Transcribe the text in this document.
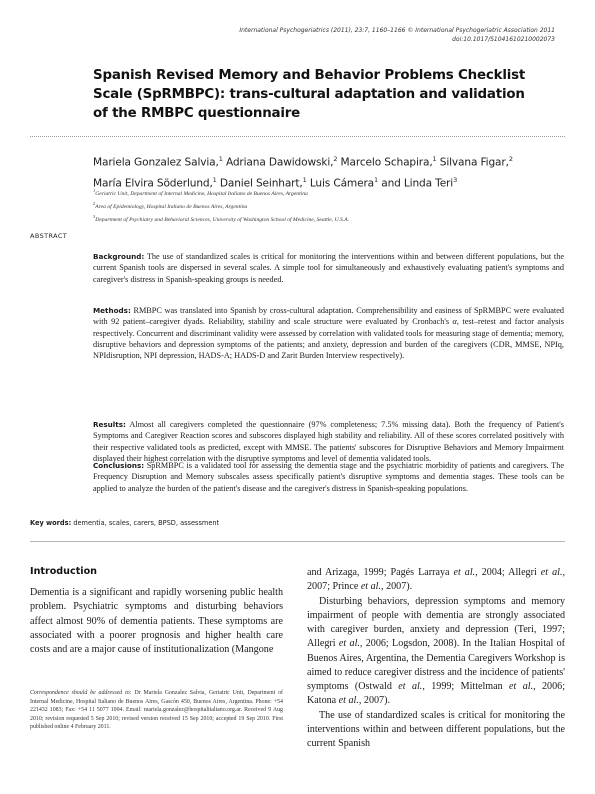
International Psychogeriatrics (2011), 23:7, 1160–1166 © International Psychogeriatric Association 2011
doi:10.1017/S1041610210002073
Spanish Revised Memory and Behavior Problems Checklist Scale (SpRMBPC): trans-cultural adaptation and validation of the RMBPC questionnaire
Mariela Gonzalez Salvia,$^1$ Adriana Dawidowski,$^2$ Marcelo Schapira,$^1$ Silvana Figar,$^2$
María Elvira Söderlund,$^1$ Daniel Seinhart,$^1$ Luis Cámera$^1$ and Linda Teri$^3$
$^1$Geriatric Unit, Department of Internal Medicine, Hospital Italiano de Buenos Aires, Argentina
$^2$Area of Epidemiology, Hospital Italiano de Buenos Aires, Argentina
$^3$Department of Psychiatry and Behavioral Sciences, University of Washington School of Medicine, Seattle, U.S.A.
ABSTRACT
Background: The use of standardized scales is critical for monitoring the interventions within and between different populations, but the current Spanish tools are dispersed in several scales. A simple tool for simultaneously and exhaustively evaluating patient's symptoms and caregiver's distress in Spanish-speaking groups is needed.
Methods: RMBPC was translated into Spanish by cross-cultural adaptation. Comprehensibility and easiness of SpRMBPC were evaluated with 92 patient–caregiver dyads. Reliability, stability and scale structure were evaluated by Cronbach's α, test–retest and factor analysis respectively. Concurrent and discriminant validity were assessed by correlation with validated tools for measuring stage of dementia; memory, disruptive behaviors and depression symptoms of the patients; and anxiety, depression and burden of the caregivers (CDR, MMSE, NPIq, NPIdisruption, NPI depression, HADS-A; HADS-D and Zarit Burden Interview respectively).
Results: Almost all caregivers completed the questionnaire (97% completeness; 7.5% missing data). Both the frequency of Patient's Symptoms and Caregiver Reaction scores and subscores displayed high stability and reliability. All of these scores correlated positively with their respective validated tools as predicted, except with MMSE. The patients' subscores for Disruptive Behaviors and Memory Impairment displayed their highest correlation with the disruptive symptoms and level of dementia validated tools.
Conclusions: SpRMBPC is a validated tool for assessing the dementia stage and the psychiatric morbidity of patients and caregivers. The Frequency Disruption and Memory subscales assess specifically patient's disruptive symptoms and dementia stages. These tools can be applied to analyze the burden of the patient's disease and the caregiver's distress in Spanish-speaking populations.
Key words: dementia, scales, carers, BPSD, assessment
Introduction

Dementia is a significant and rapidly worsening public health problem. Psychiatric symptoms and disturbing behaviors affect almost 90% of dementia patients. These symptoms are associated with a poorer prognosis and higher health care costs and are a major cause of institutionalization (Mangone

and Arizaga, 1999; Pagés Larraya et al., 2004; Allegri et al., 2007; Prince et al., 2007).

Disturbing behaviors, depression symptoms and memory impairment of people with dementia are strongly associated with caregiver burden, anxiety and depression (Teri, 1997; Allegri et al., 2006; Logsdon, 2008). In the Italian Hospital of Buenos Aires, Argentina, the Dementia Caregivers Workshop is aimed to reduce caregiver distress and the incidence of patients' symptoms (Ostwald et al., 1999; Mittelman et al., 2006; Katona et al., 2007).

The use of standardized scales is critical for monitoring the interventions within and between different populations, but the current Spanish

Correspondence should be addressed to: Dr Mariela Gonzalez Salvia, Geriatric Unit, Department of Internal Medicine, Hospital Italiano de Buenos Aires, Gascón 450, Buenos Aires, Argentina. Phone: +54 221432 1083; Fax: +54 11 5077 1004. Email: mariela.gonzalez@hospitalitaliano.org.ar. Received 9 Aug 2010; revision requested 5 Sep 2010; revised version received 15 Sep 2010; accepted 19 Sep 2010. First published online 4 February 2011.
